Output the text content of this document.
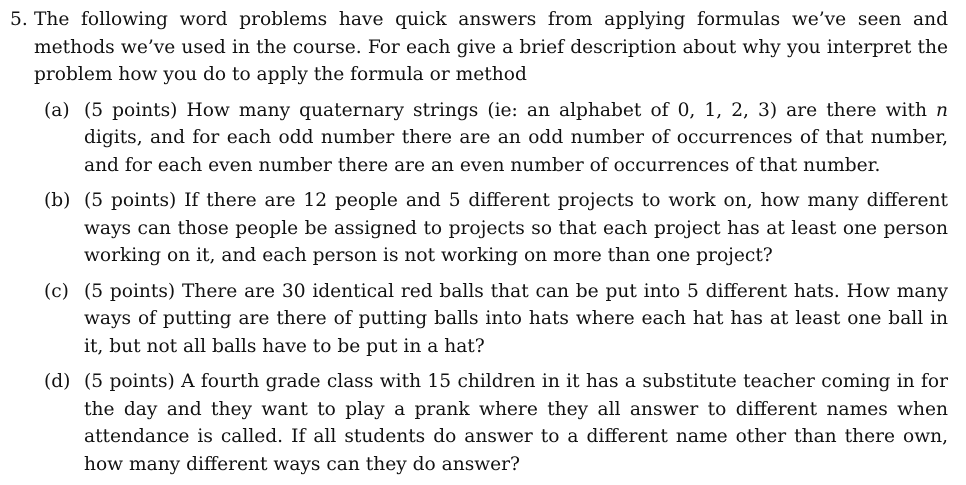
5. The following word problems have quick answers from applying formulas we’ve seen and methods we’ve used in the course. For each give a brief description about why you interpret the problem how you do to apply the formula or method
(a) (5 points) How many quaternary strings (ie: an alphabet of 0, 1, 2, 3) are there with n digits, and for each odd number there are an odd number of occurrences of that number, and for each even number there are an even number of occurrences of that number.
(b) (5 points) If there are 12 people and 5 different projects to work on, how many different ways can those people be assigned to projects so that each project has at least one person working on it, and each person is not working on more than one project?
(c) (5 points) There are 30 identical red balls that can be put into 5 different hats. How many ways of putting are there of putting balls into hats where each hat has at least one ball in it, but not all balls have to be put in a hat?
(d) (5 points) A fourth grade class with 15 children in it has a substitute teacher coming in for the day and they want to play a prank where they all answer to different names when attendance is called. If all students do answer to a different name other than there own, how many different ways can they do answer?
